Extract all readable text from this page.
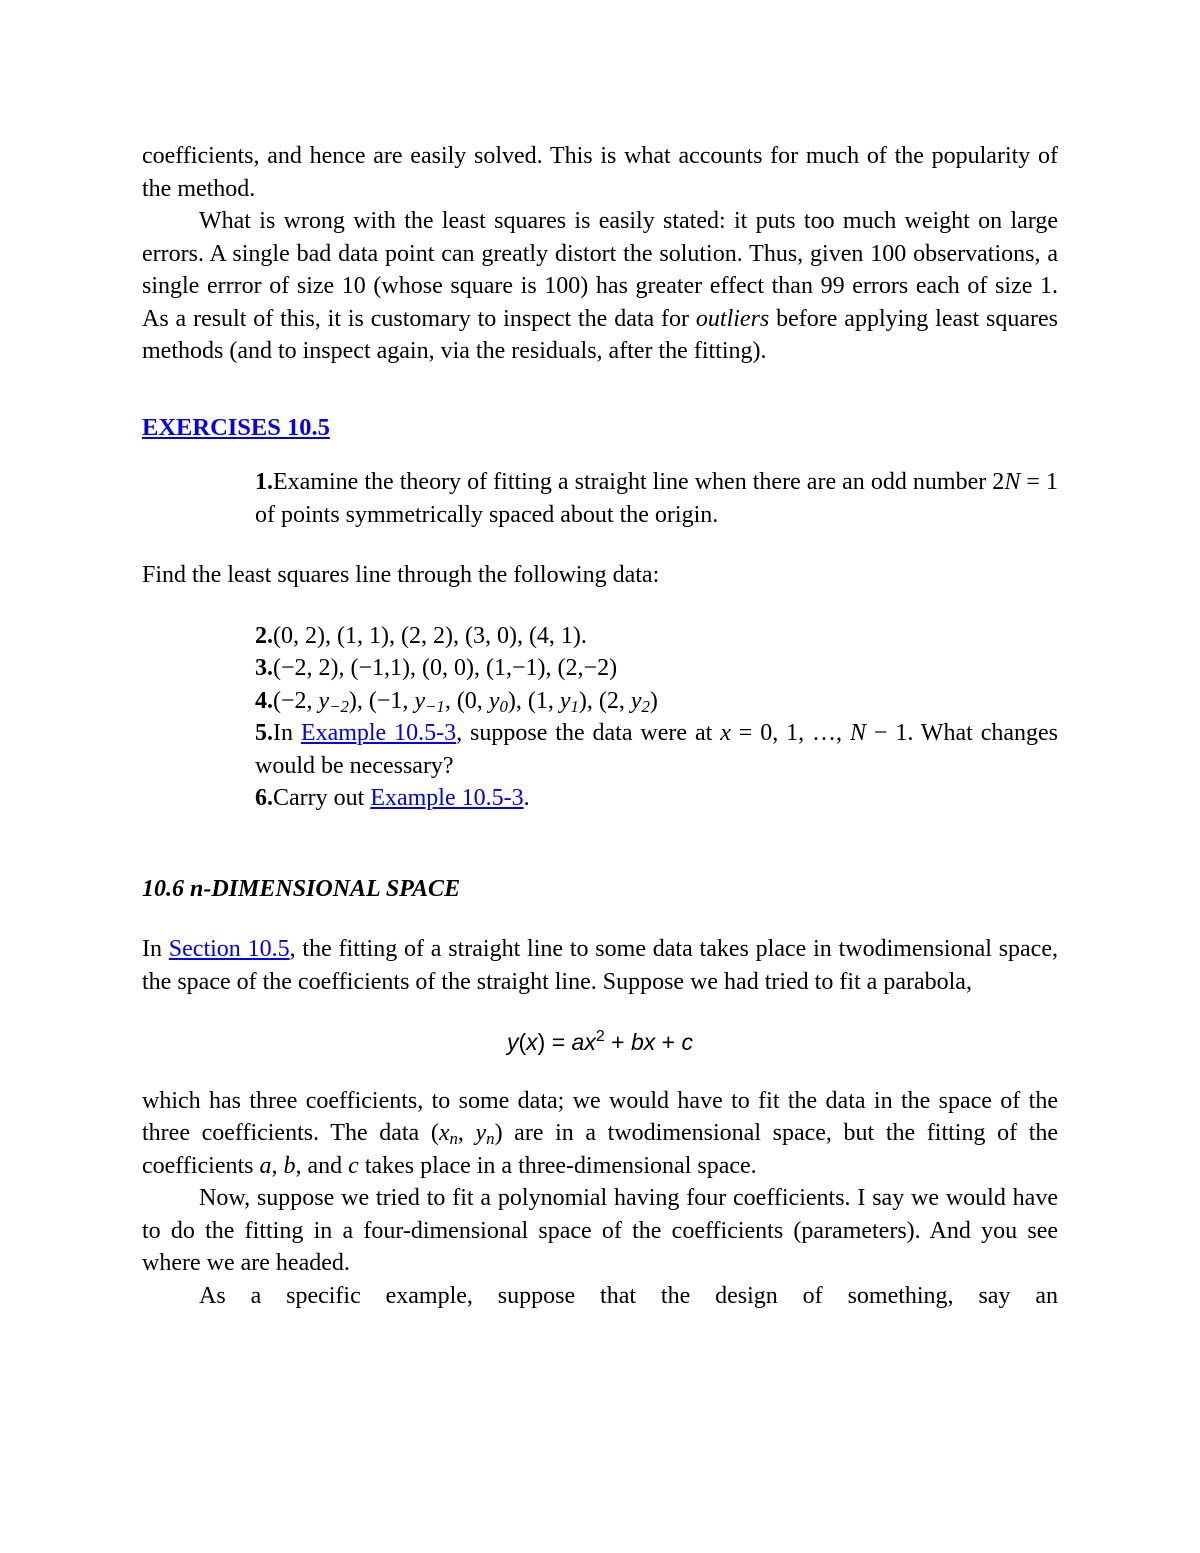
coefficients, and hence are easily solved. This is what accounts for much of the popularity of the method.

What is wrong with the least squares is easily stated: it puts too much weight on large errors. A single bad data point can greatly distort the solution. Thus, given 100 observations, a single errror of size 10 (whose square is 100) has greater effect than 99 errors each of size 1. As a result of this, it is customary to inspect the data for outliers before applying least squares methods (and to inspect again, via the residuals, after the fitting).

EXERCISES 10.5

1.Examine the theory of fitting a straight line when there are an odd number 2N = 1 of points symmetrically spaced about the origin.

Find the least squares line through the following data:

2.(0, 2), (1, 1), (2, 2), (3, 0), (4, 1).

3.(−2, 2), (−1,1), (0, 0), (1,−1), (2,−2)

4.(−2, $y_{-2}$), (−1, $y_{-1}$, (0, $y_0$), (1, $y_1$), (2, $y_2$)

5.In Example 10.5-3, suppose the data were at x = 0, 1, …, N − 1. What changes would be necessary?

6.Carry out Example 10.5-3.

10.6 n-DIMENSIONAL SPACE

In Section 10.5, the fitting of a straight line to some data takes place in twodimensional space, the space of the coefficients of the straight line. Suppose we had tried to fit a parabola,

$y(x) = ax^2$ + bx + c

which has three coefficients, to some data; we would have to fit the data in the space of the three coefficients. The data ($x_n$, $y_n$) are in a twodimensional space, but the fitting of the coefficients a, b, and c takes place in a three-dimensional space.

Now, suppose we tried to fit a polynomial having four coefficients. I say we would have to do the fitting in a four-dimensional space of the coefficients (parameters). And you see where we are headed.

As a specific example, suppose that the design of something, say an
